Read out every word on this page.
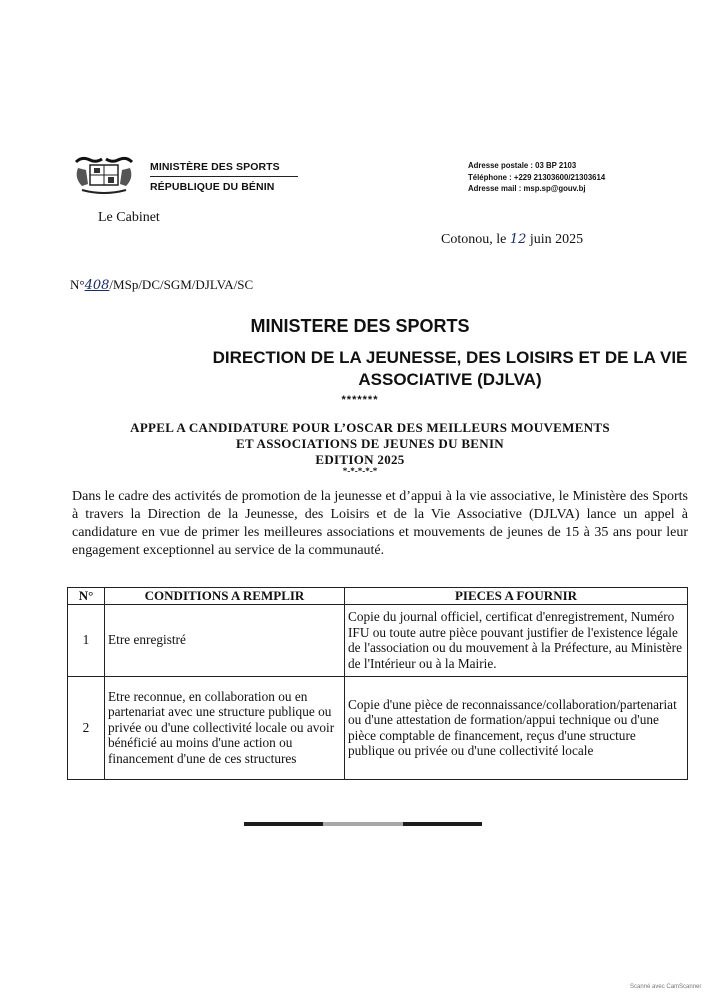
MINISTÈRE DES SPORTS
RÉPUBLIQUE DU BÉNIN
Adresse postale : 03 BP 2103
Téléphone : +229 21303600/21303614
Adresse mail : msp.sp@gouv.bj
Le Cabinet
Cotonou, le 12 juin 2025
N°408/MSp/DC/SGM/DJLVA/SC
MINISTERE DES SPORTS
DIRECTION DE LA JEUNESSE, DES LOISIRS ET DE LA VIE ASSOCIATIVE (DJLVA)
*******
APPEL A CANDIDATURE POUR L’OSCAR DES MEILLEURS MOUVEMENTS ET ASSOCIATIONS DE JEUNES DU BENIN
EDITION 2025
*-*-*-*-*
Dans le cadre des activités de promotion de la jeunesse et d’appui à la vie associative, le Ministère des Sports à travers la Direction de la Jeunesse, des Loisirs et de la Vie Associative (DJLVA) lance un appel à candidature en vue de primer les meilleures associations et mouvements de jeunes de 15 à 35 ans pour leur engagement exceptionnel au service de la communauté.
N°	CONDITIONS A REMPLIR	PIECES A FOURNIR
1	Etre enregistré	Copie du journal officiel, certificat d'enregistrement, Numéro IFU ou toute autre pièce pouvant justifier de l'existence légale de l'association ou du mouvement à la Préfecture, au Ministère de l'Intérieur ou à la Mairie.
2	Etre reconnue, en collaboration ou en partenariat avec une structure publique ou privée ou d'une collectivité locale ou avoir bénéficié au moins d'une action ou financement d'une de ces structures	Copie d'une pièce de reconnaissance/collaboration/partenariat ou d'une attestation de formation/appui technique ou d'une pièce comptable de financement, reçus d'une structure publique ou privée ou d'une collectivité locale
Scanné avec CamScanner
